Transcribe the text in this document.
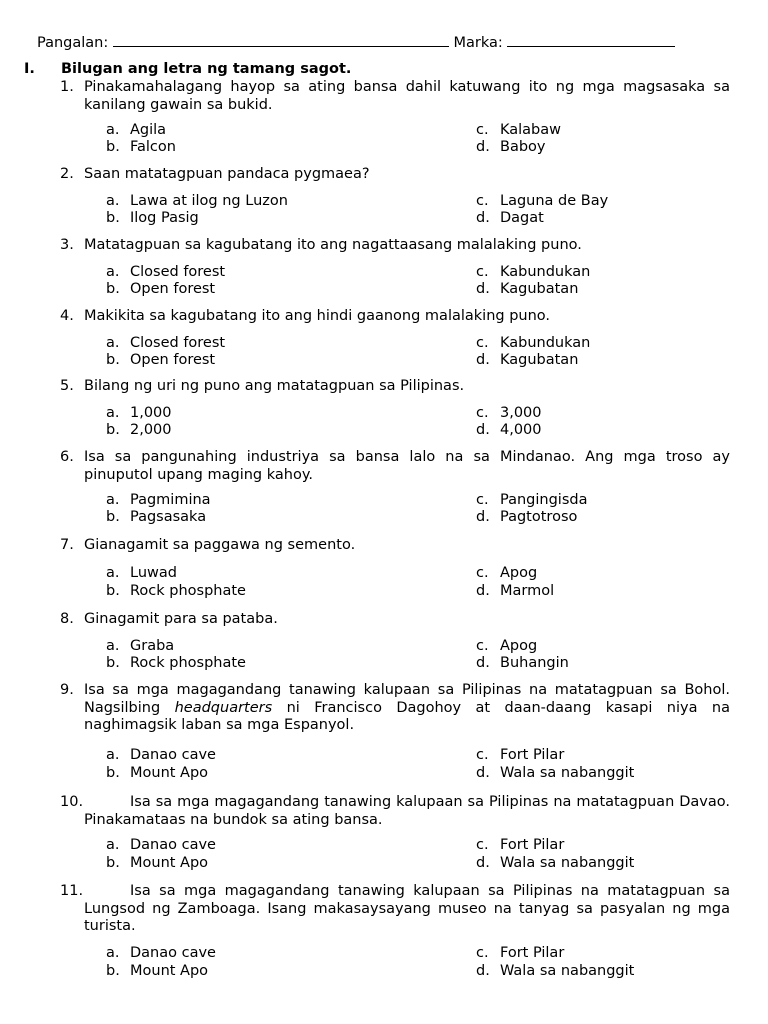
Pangalan:	Marka:
I. Bilugan ang letra ng tamang sagot.
1. Pinakamahalagang hayop sa ating bansa dahil katuwang ito ng mga magsasaka sa kanilang gawain sa bukid.
a. Agila
b. Falcon
c. Kalabaw
d. Baboy
2. Saan matatagpuan pandaca pygmaea?
a. Lawa at ilog ng Luzon
b. Ilog Pasig
c. Laguna de Bay
d. Dagat
3. Matatagpuan sa kagubatang ito ang nagattaasang malalaking puno.
a. Closed forest
b. Open forest
c. Kabundukan
d. Kagubatan
4. Makikita sa kagubatang ito ang hindi gaanong malalaking puno.
a. Closed forest
b. Open forest
c. Kabundukan
d. Kagubatan
5. Bilang ng uri ng puno ang matatagpuan sa Pilipinas.
a. 1,000
b. 2,000
c. 3,000
d. 4,000
6. Isa sa pangunahing industriya sa bansa lalo na sa Mindanao. Ang mga troso ay pinuputol upang maging kahoy.
a. Pagmimina
b. Pagsasaka
c. Pangingisda
d. Pagtotroso
7. Gianagamit sa paggawa ng semento.
a. Luwad
b. Rock phosphate
c. Apog
d. Marmol
8. Ginagamit para sa pataba.
a. Graba
b. Rock phosphate
c. Apog
d. Buhangin
9. Isa sa mga magagandang tanawing kalupaan sa Pilipinas na matatagpuan sa Bohol. Nagsilbing headquarters ni Francisco Dagohoy at daan-daang kasapi niya na naghimagsik laban sa mga Espanyol.
a. Danao cave
b. Mount Apo
c. Fort Pilar
d. Wala sa nabanggit
10.	Isa sa mga magagandang tanawing kalupaan sa Pilipinas na matatagpuan Davao. Pinakamataas na bundok sa ating bansa.
a. Danao cave
b. Mount Apo
c. Fort Pilar
d. Wala sa nabanggit
11.	Isa sa mga magagandang tanawing kalupaan sa Pilipinas na matatagpuan sa Lungsod ng Zamboaga. Isang makasaysayang museo na tanyag sa pasyalan ng mga turista.
a. Danao cave
b. Mount Apo
c. Fort Pilar
d. Wala sa nabanggit
